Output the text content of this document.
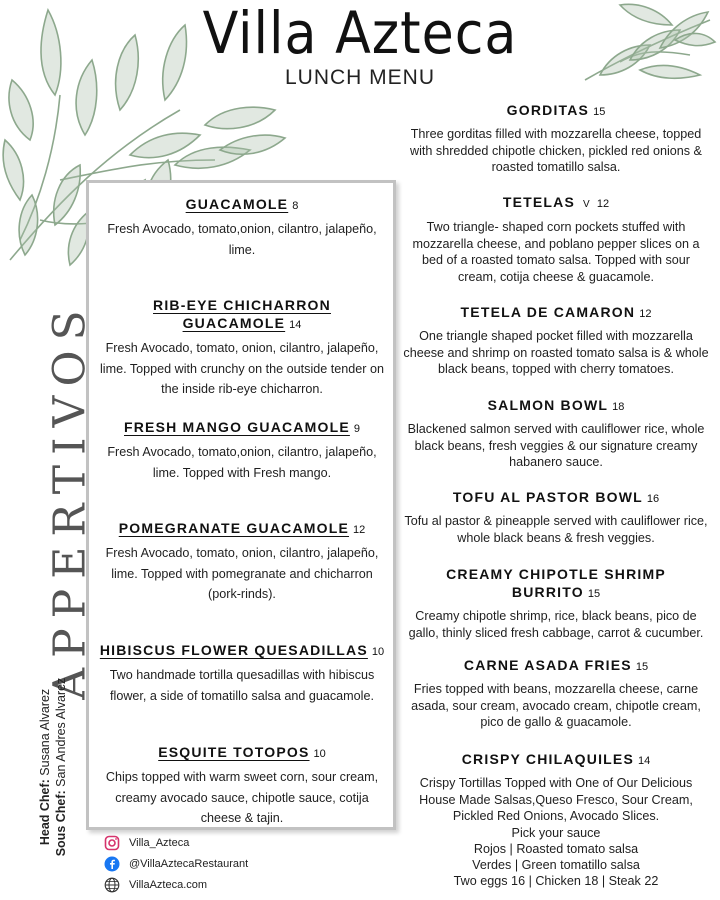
Villa Azteca
LUNCH MENU
APPERTIVOS
Head Chef: Susana Alvarez
Sous Chef: San Andres Alvarez
GUACAMOLE 8
Fresh Avocado, tomato,onion, cilantro, jalapeño, lime.
RIB-EYE CHICHARRON GUACAMOLE 14
Fresh Avocado, tomato, onion, cilantro, jalapeño, lime. Topped with crunchy on the outside tender on the inside rib-eye chicharron.
FRESH MANGO GUACAMOLE 9
Fresh Avocado, tomato,onion, cilantro, jalapeño, lime. Topped with Fresh mango.
POMEGRANATE GUACAMOLE 12
Fresh Avocado, tomato, onion, cilantro, jalapeño, lime. Topped with pomegranate and chicharron (pork-rinds).
HIBISCUS FLOWER QUESADILLAS 10
Two handmade tortilla quesadillas with hibiscus flower, a side of tomatillo salsa and guacamole.
ESQUITE TOTOPOS 10
Chips topped with warm sweet corn, sour cream, creamy avocado sauce, chipotle sauce, cotija cheese & tajin.
GORDITAS 15
Three gorditas filled with mozzarella cheese, topped with shredded chipotle chicken, pickled red onions & roasted tomatillo salsa.
TETELAS V 12
Two triangle- shaped corn pockets stuffed with mozzarella cheese, and poblano pepper slices on a bed of a roasted tomato salsa. Topped with sour cream, cotija cheese & guacamole.
TETELA DE CAMARON 12
One triangle shaped pocket filled with mozzarella cheese and shrimp on roasted tomato salsa is & whole black beans, topped with cherry tomatoes.
SALMON BOWL 18
Blackened salmon served with cauliflower rice, whole black beans, fresh veggies & our signature creamy habanero sauce.
TOFU AL PASTOR BOWL 16
Tofu al pastor & pineapple served with cauliflower rice, whole black beans & fresh veggies.
CREAMY CHIPOTLE SHRIMP BURRITO 15
Creamy chipotle shrimp, rice, black beans, pico de gallo, thinly sliced fresh cabbage, carrot & cucumber.
CARNE ASADA FRIES 15
Fries topped with beans, mozzarella cheese, carne asada, sour cream, avocado cream, chipotle cream, pico de gallo & guacamole.
CRISPY CHILAQUILES 14
Crispy Tortillas Topped with One of Our Delicious House Made Salsas,Queso Fresco, Sour Cream, Pickled Red Onions, Avocado Slices.
Pick your sauce
Rojos | Roasted tomato salsa
Verdes | Green tomatillo salsa
Two eggs 16 | Chicken 18 | Steak 22
Villa_Azteca
@VillaAztecaRestaurant
VillaAzteca.com
